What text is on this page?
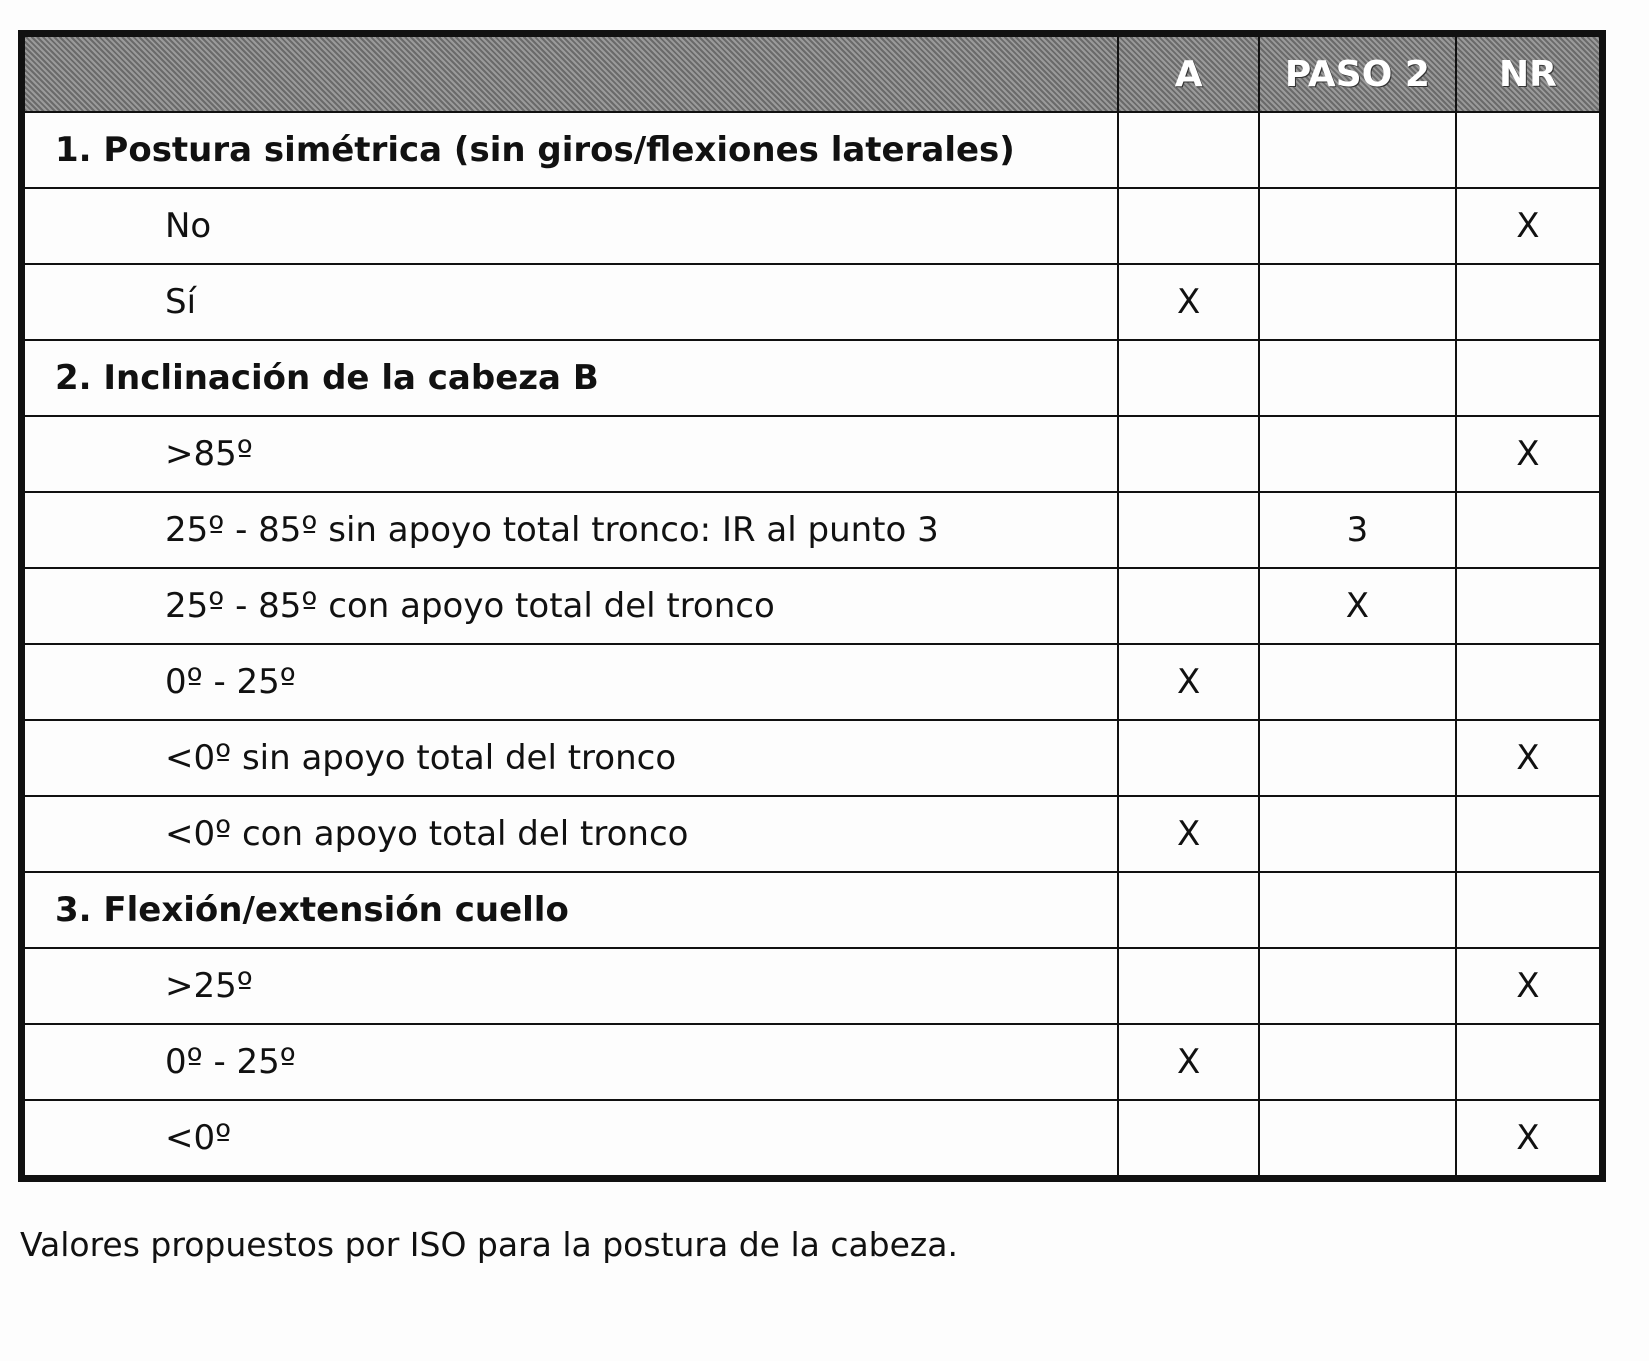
	A	PASO 2	NR
1. Postura simétrica (sin giros/flexiones laterales)			
No			X
Sí	X		
2. Inclinación de la cabeza B			
>85º			X
25º - 85º sin apoyo total tronco: IR al punto 3		3	
25º - 85º con apoyo total del tronco		X	
0º - 25º	X		
<0º sin apoyo total del tronco			X
<0º con apoyo total del tronco	X		
3. Flexión/extensión cuello			
>25º			X
0º - 25º	X		
<0º			X

Valores propuestos por ISO para la postura de la cabeza.
